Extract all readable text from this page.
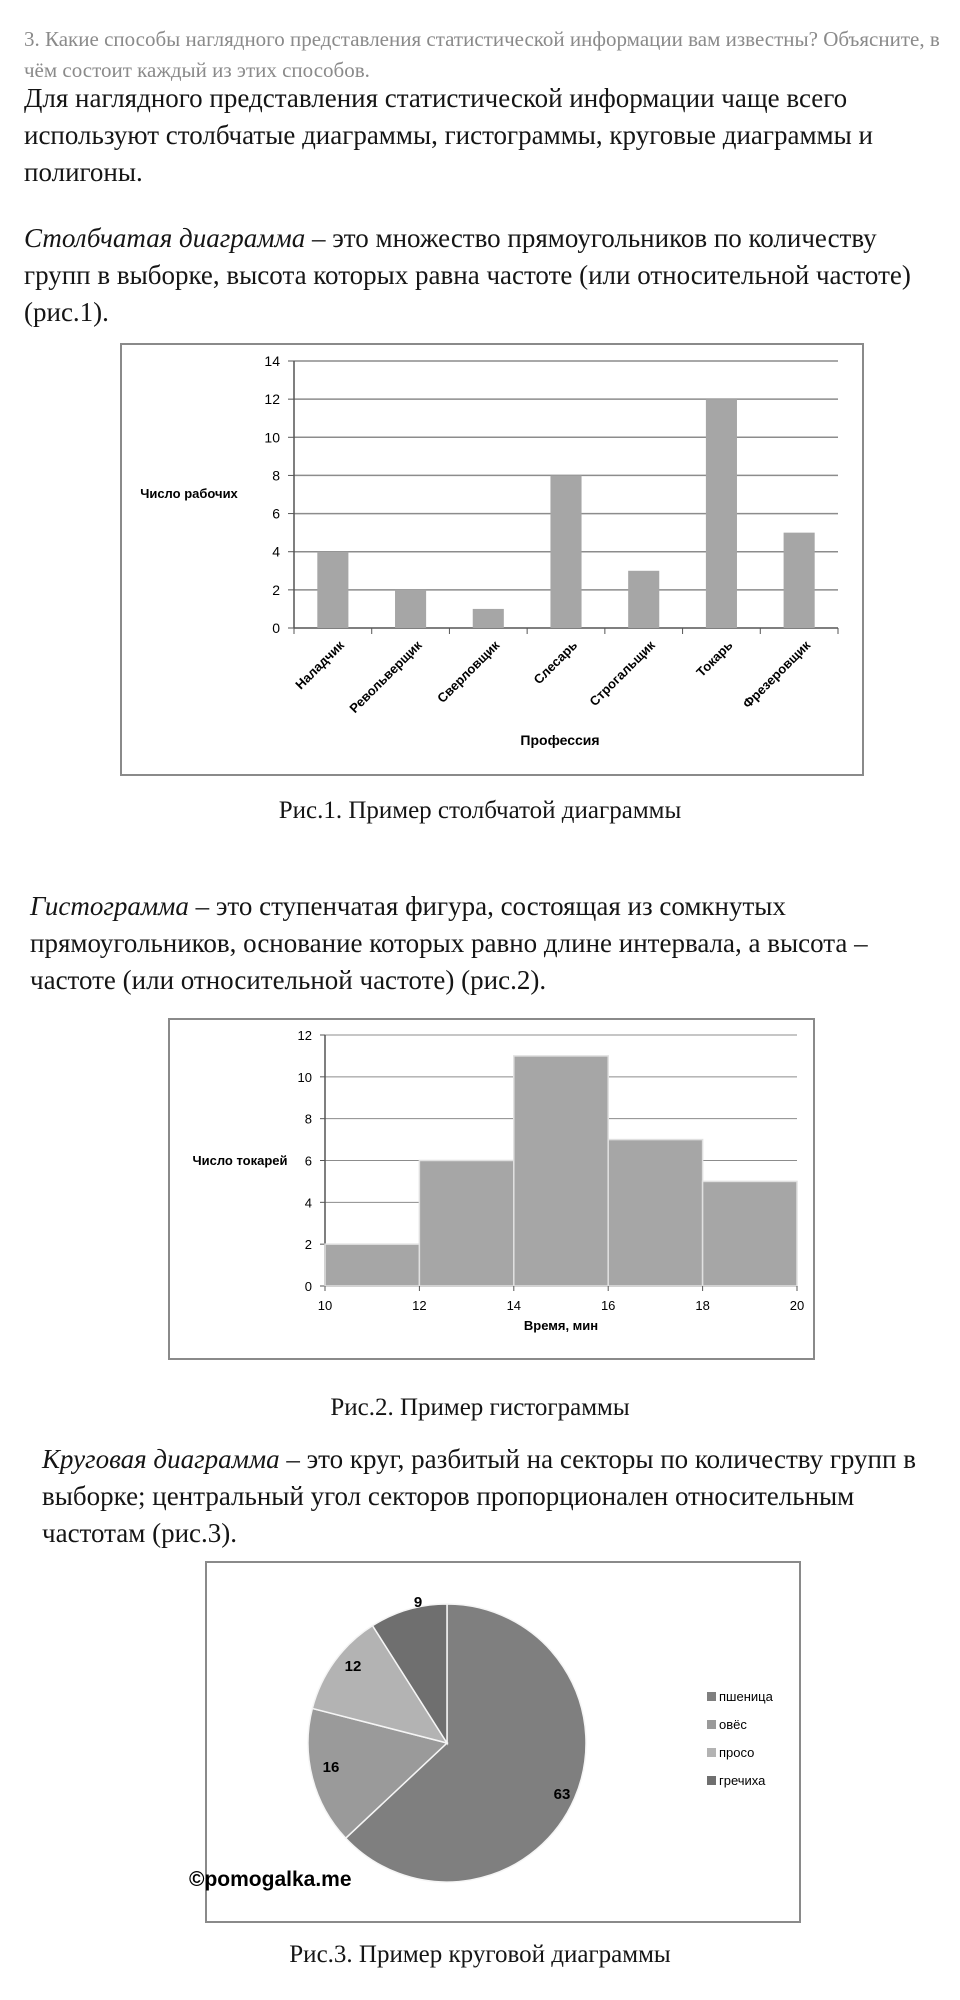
3. Какие способы наглядного представления статистической информации вам известны? Объясните, в чём состоит каждый из этих способов.

Для наглядного представления статистической информации чаще всего используют столбчатые диаграммы, гистограммы, круговые диаграммы и полигоны.

Столбчатая диаграмма – это множество прямоугольников по количеству групп в выборке, высота которых равна частоте (или относительной частоте) (рис.1).

0
2
4
6
8
10
12
14
Наладчик Револьверщик Сверловщик Слесарь Строгальщик	Токарь Фрезеровщик
Число рабочих
Профессия

Рис.1. Пример столбчатой диаграммы

Гистограмма – это ступенчатая фигура, состоящая из сомкнутых прямоугольников, основание которых равно длине интервала, а высота – частоте (или относительной частоте) (рис.2).

0
2
4
6
8
10
12
10	12	14	16	18	20
Число токарей
Время, мин

Рис.2. Пример гистограммы

Круговая диаграмма – это круг, разбитый на секторы по количеству групп в выборке; центральный угол секторов пропорционален относительным частотам (рис.3).

63
16
12
9
пшеница
овёс
просо
гречиха
©pomogalka.me

Рис.3. Пример круговой диаграммы
